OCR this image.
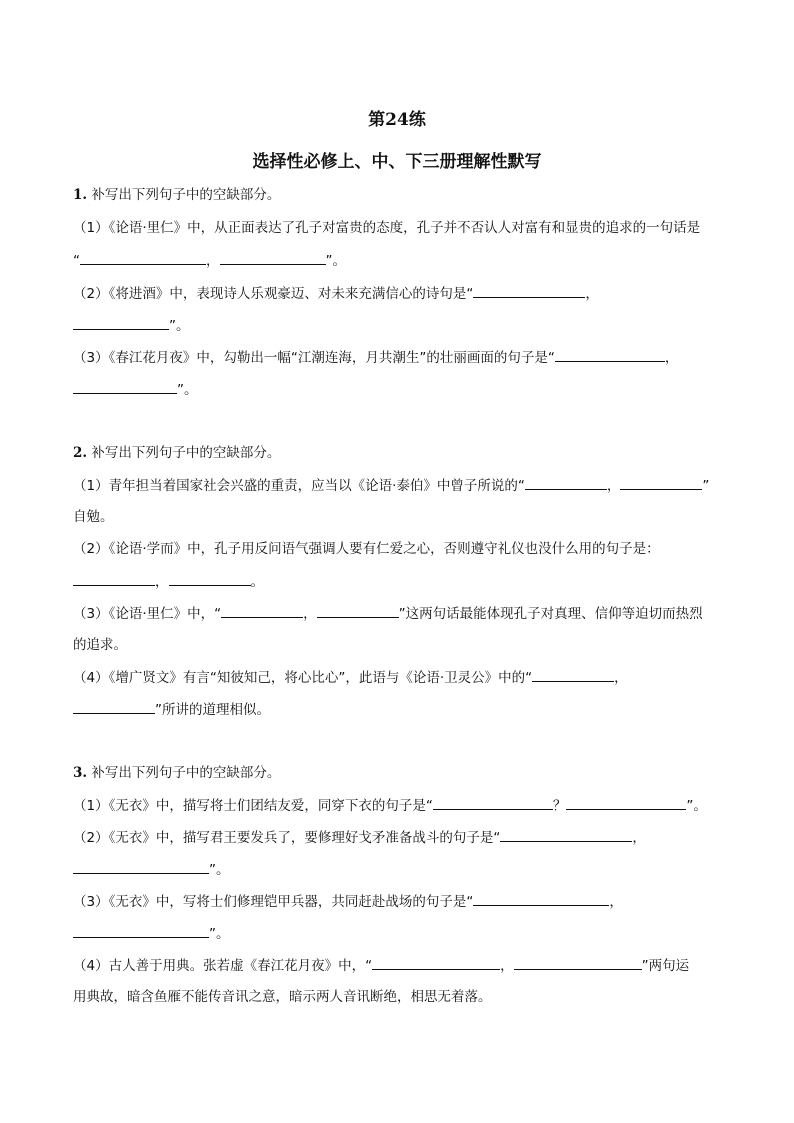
第24练
选择性必修上、中、下三册理解性默写
1. 补写出下列句子中的空缺部分。
（1）《论语·里仁》中，从正面表达了孔子对富贵的态度，孔子并不否认人对富有和显贵的追求的一句话是
“	，	”。
（2）《将进酒》中，表现诗人乐观豪迈、对未来充满信心的诗句是“	，
”。
（3）《春江花月夜》中，勾勒出一幅“江潮连海，月共潮生”的壮丽画面的句子是“	，
”。
2. 补写出下列句子中的空缺部分。
（1）青年担当着国家社会兴盛的重责，应当以《论语·泰伯》中曾子所说的“	，	”
自勉。
（2）《论语·学而》中，孔子用反问语气强调人要有仁爱之心，否则遵守礼仪也没什么用的句子是：
，	。
（3）《论语·里仁》中，“	，	”这两句话最能体现孔子对真理、信仰等迫切而热烈
的追求。
（4）《增广贤文》有言“知彼知己，将心比心”，此语与《论语·卫灵公》中的“	，
”所讲的道理相似。
3. 补写出下列句子中的空缺部分。
（1）《无衣》中，描写将士们团结友爱，同穿下衣的句子是“	？	”。
（2）《无衣》中，描写君王要发兵了，要修理好戈矛准备战斗的句子是“	，
”。
（3）《无衣》中，写将士们修理铠甲兵器，共同赶赴战场的句子是“	，
”。
（4）古人善于用典。张若虚《春江花月夜》中，“	，	”两句运
用典故，暗含鱼雁不能传音讯之意，暗示两人音讯断绝，相思无着落。
